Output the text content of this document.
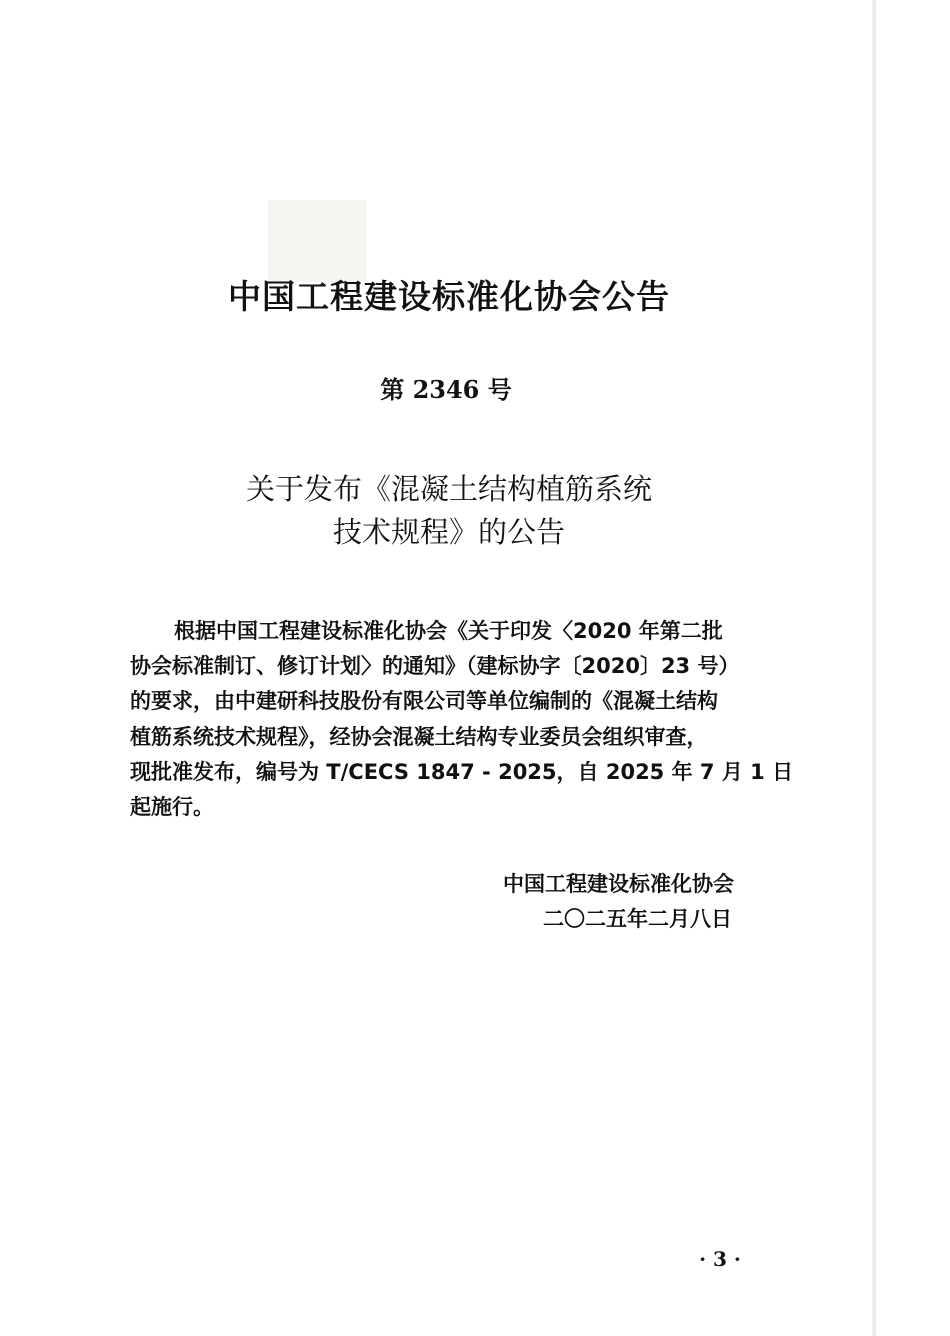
中国工程建设标准化协会公告
第 2346 号
关于发布《混凝土结构植筋系统
技术规程》的公告
根据中国工程建设标准化协会《关于印发〈2020 年第二批
协会标准制订、修订计划〉的通知》（建标协字〔2020〕23 号）
的要求，由中建研科技股份有限公司等单位编制的《混凝土结构
植筋系统技术规程》，经协会混凝土结构专业委员会组织审查，
现批准发布，编号为 T/CECS 1847 - 2025，自 2025 年 7 月 1 日
起施行。
中国工程建设标准化协会
二〇二五年二月八日
· 3 ·
